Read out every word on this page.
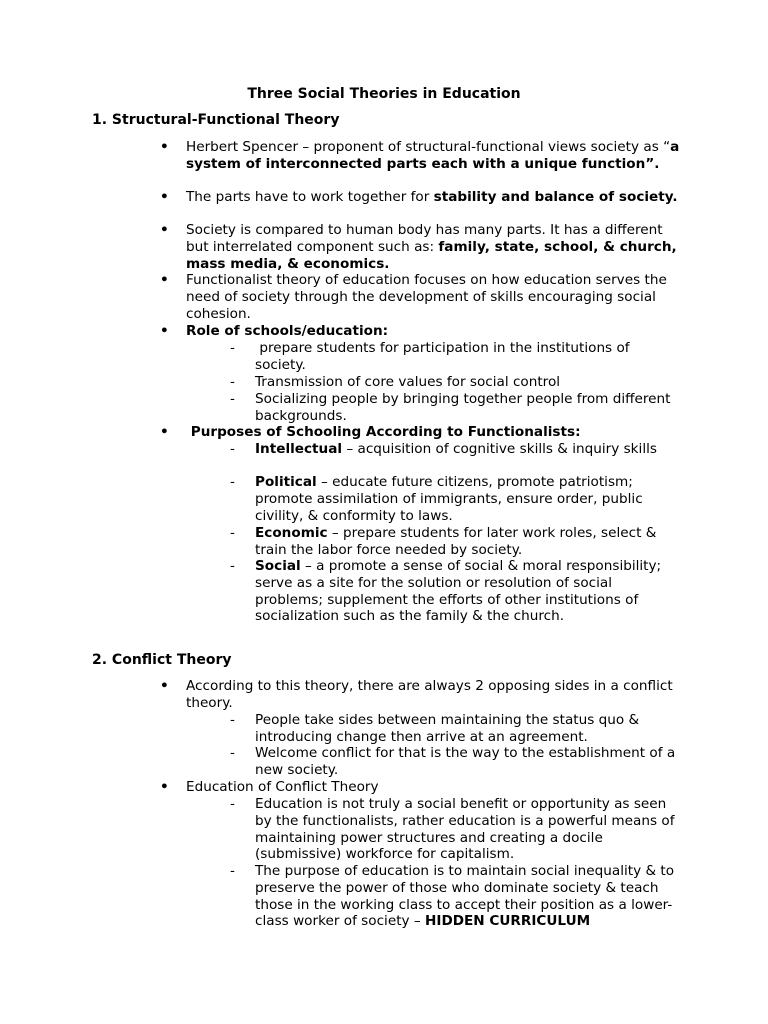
Three Social Theories in Education
1. Structural-Functional Theory
• Herbert Spencer – proponent of structural-functional views society as “a system of interconnected parts each with a unique function”.
• The parts have to work together for stability and balance of society.
• Society is compared to human body has many parts. It has a different but interrelated component such as: family, state, school, & church, mass media, & economics.
• Functionalist theory of education focuses on how education serves the need of society through the development of skills encouraging social cohesion.
• Role of schools/education:
- prepare students for participation in the institutions of society.
- Transmission of core values for social control
- Socializing people by bringing together people from different backgrounds.
• Purposes of Schooling According to Functionalists:
- Intellectual – acquisition of cognitive skills & inquiry skills
- Political – educate future citizens, promote patriotism; promote assimilation of immigrants, ensure order, public civility, & conformity to laws.
- Economic – prepare students for later work roles, select & train the labor force needed by society.
- Social – a promote a sense of social & moral responsibility; serve as a site for the solution or resolution of social problems; supplement the efforts of other institutions of socialization such as the family & the church.
2. Conflict Theory
• According to this theory, there are always 2 opposing sides in a conflict theory.
- People take sides between maintaining the status quo & introducing change then arrive at an agreement.
- Welcome conflict for that is the way to the establishment of a new society.
• Education of Conflict Theory
- Education is not truly a social benefit or opportunity as seen by the functionalists, rather education is a powerful means of maintaining power structures and creating a docile (submissive) workforce for capitalism.
- The purpose of education is to maintain social inequality & to preserve the power of those who dominate society & teach those in the working class to accept their position as a lower-class worker of society – HIDDEN CURRICULUM
